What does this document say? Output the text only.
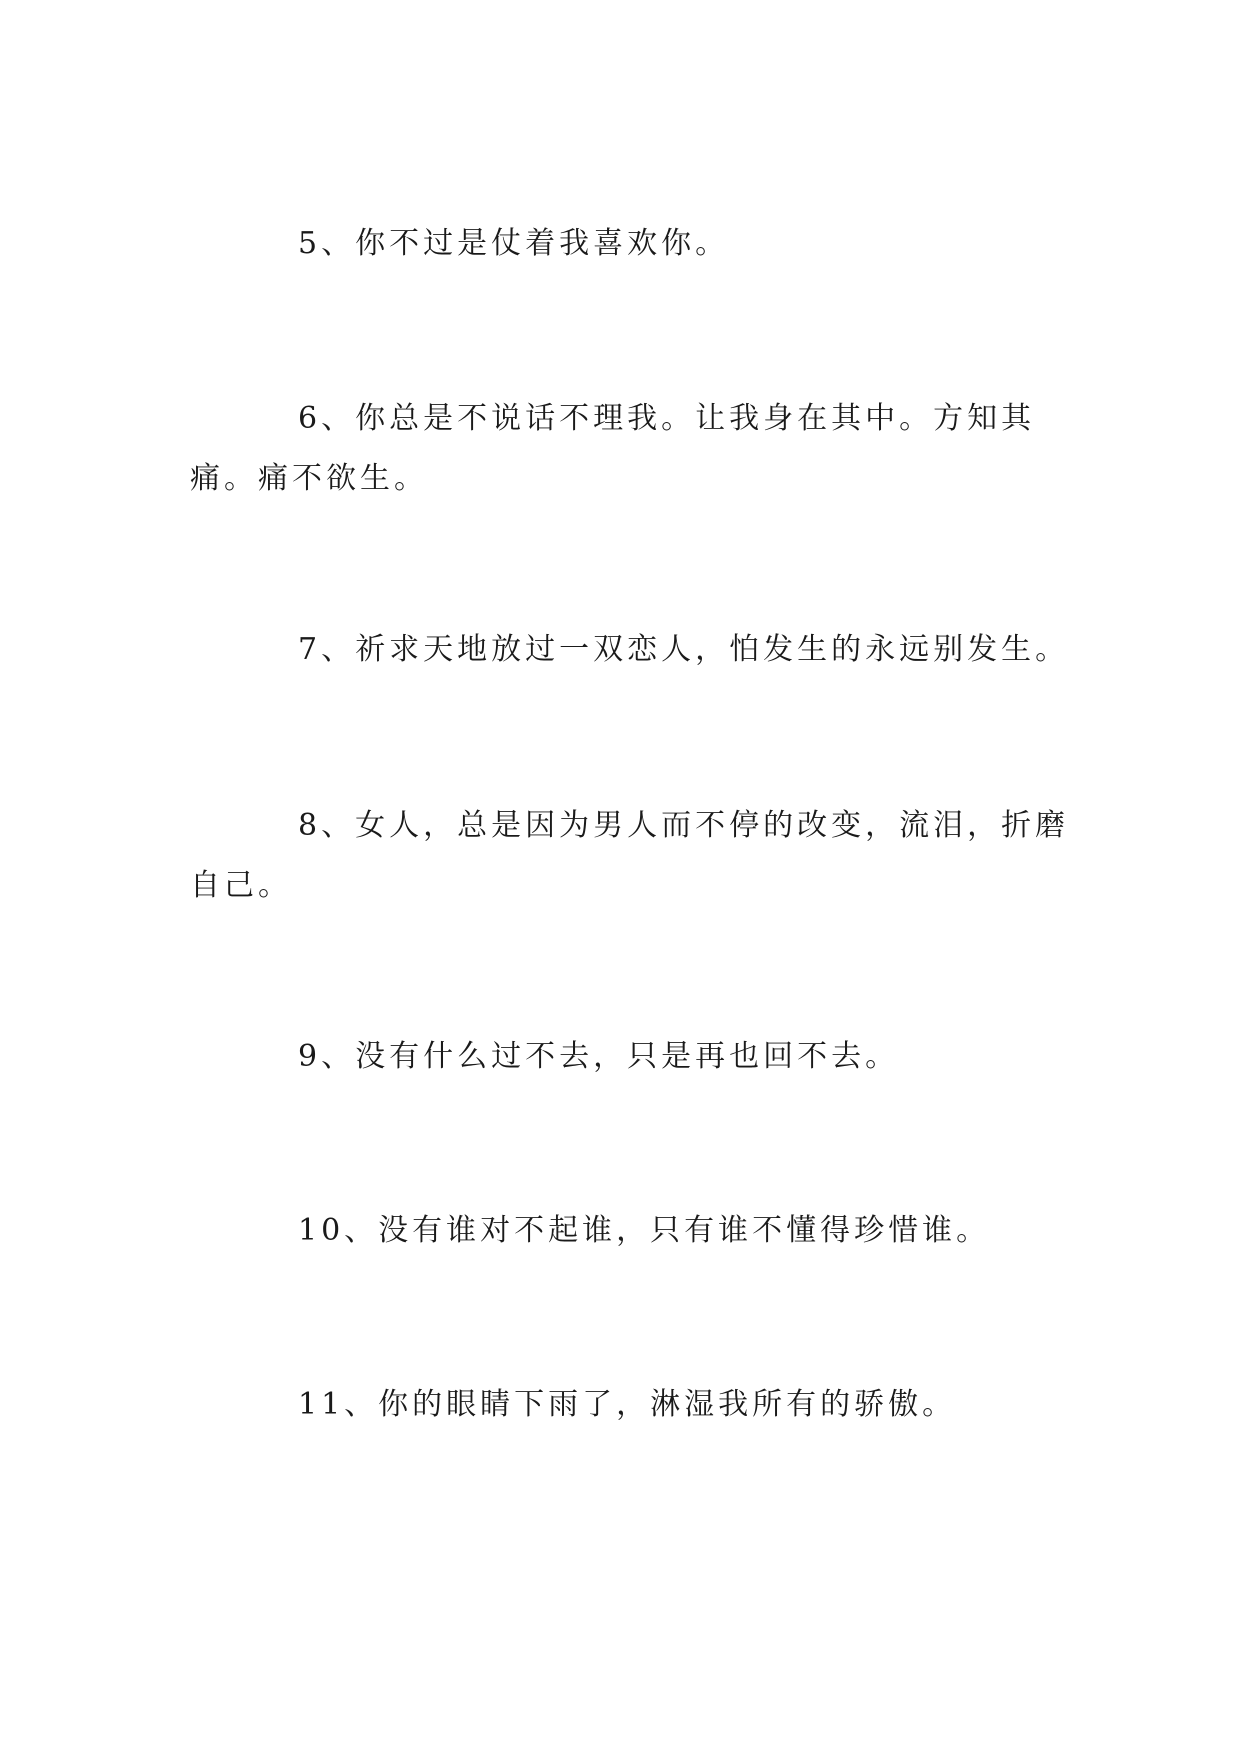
5、你不过是仗着我喜欢你。

6、你总是不说话不理我。让我身在其中。方知其痛。痛不欲生。

7、祈求天地放过一双恋人，怕发生的永远别发生。

8、女人，总是因为男人而不停的改变，流泪，折磨自己。

9、没有什么过不去，只是再也回不去。

10、没有谁对不起谁，只有谁不懂得珍惜谁。

11、你的眼睛下雨了，淋湿我所有的骄傲。
